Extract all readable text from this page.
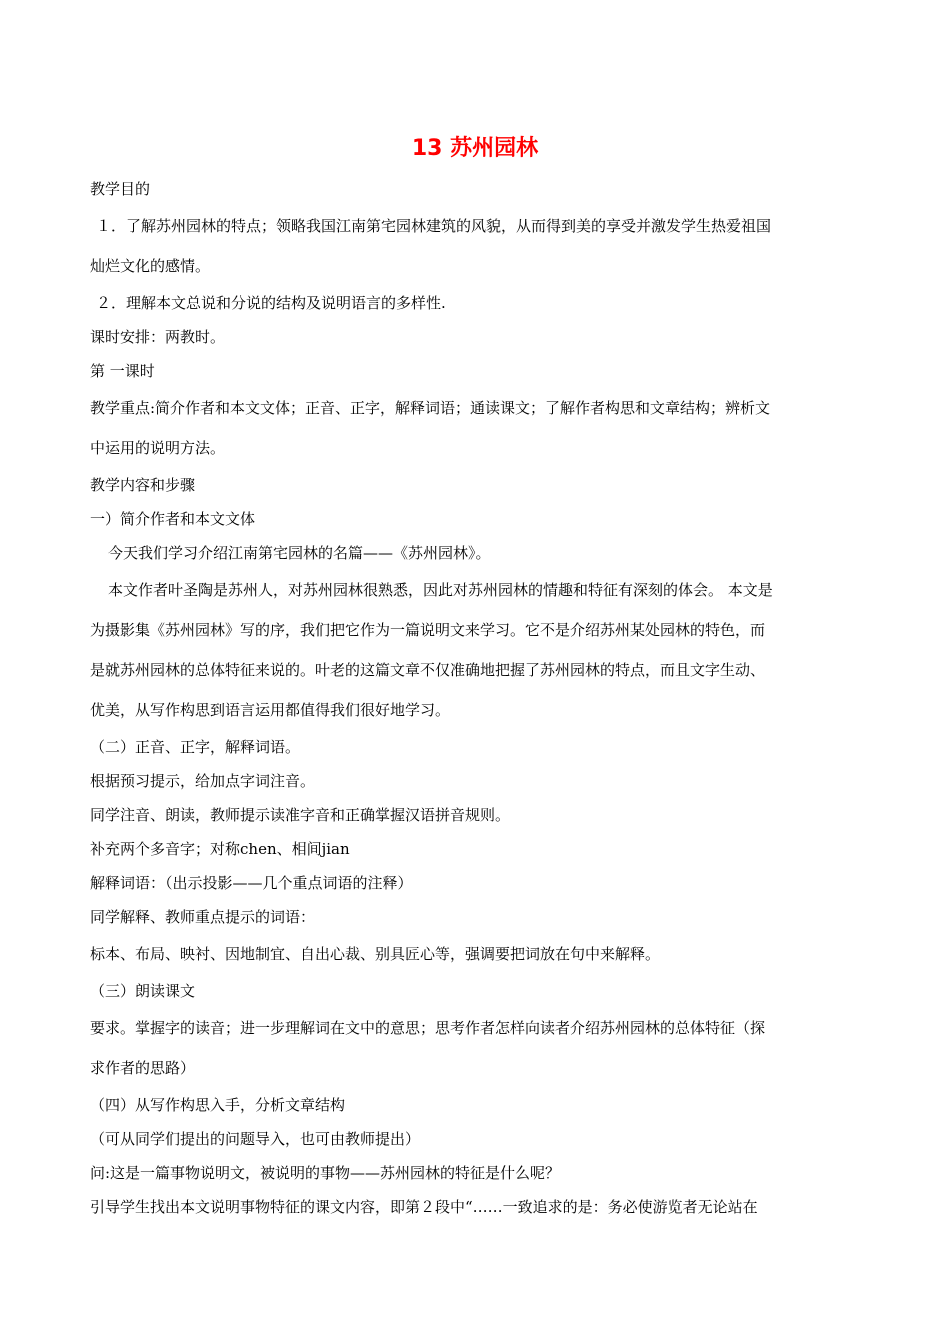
13 苏州园林
教学目的
１．了解苏州园林的特点；领略我国江南第宅园林建筑的风貌，从而得到美的享受并激发学生热爱祖国
灿烂文化的感情。
２．理解本文总说和分说的结构及说明语言的多样性.
课时安排：两教时。
第 一课时
教学重点:简介作者和本文文体；正音、正字，解释词语；通读课文；了解作者构思和文章结构；辨析文
中运用的说明方法。
教学内容和步骤
一）简介作者和本文文体
今天我们学习介绍江南第宅园林的名篇——《苏州园林》。
本文作者叶圣陶是苏州人，对苏州园林很熟悉，因此对苏州园林的情趣和特征有深刻的体会。 本文是
为摄影集《苏州园林》写的序，我们把它作为一篇说明文来学习。它不是介绍苏州某处园林的特色，而
是就苏州园林的总体特征来说的。叶老的这篇文章不仅准确地把握了苏州园林的特点，而且文字生动、
优美，从写作构思到语言运用都值得我们很好地学习。
（二）正音、正字，解释词语。
根据预习提示，给加点字词注音。
同学注音、朗读，教师提示读准字音和正确掌握汉语拼音规则。
补充两个多音字；对称chen、相间jian
解释词语：（出示投影——几个重点词语的注释）
同学解释、教师重点提示的词语：
标本、布局、映衬、因地制宜、自出心裁、别具匠心等，强调要把词放在句中来解释。
（三）朗读课文
要求。掌握字的读音；进一步理解词在文中的意思；思考作者怎样向读者介绍苏州园林的总体特征（探
求作者的思路）
（四）从写作构思入手，分析文章结构
（可从同学们提出的问题导入，也可由教师提出）
问:这是一篇事物说明文，被说明的事物——苏州园林的特征是什么呢？
引导学生找出本文说明事物特征的课文内容，即第２段中“……一致追求的是：务必使游览者无论站在
